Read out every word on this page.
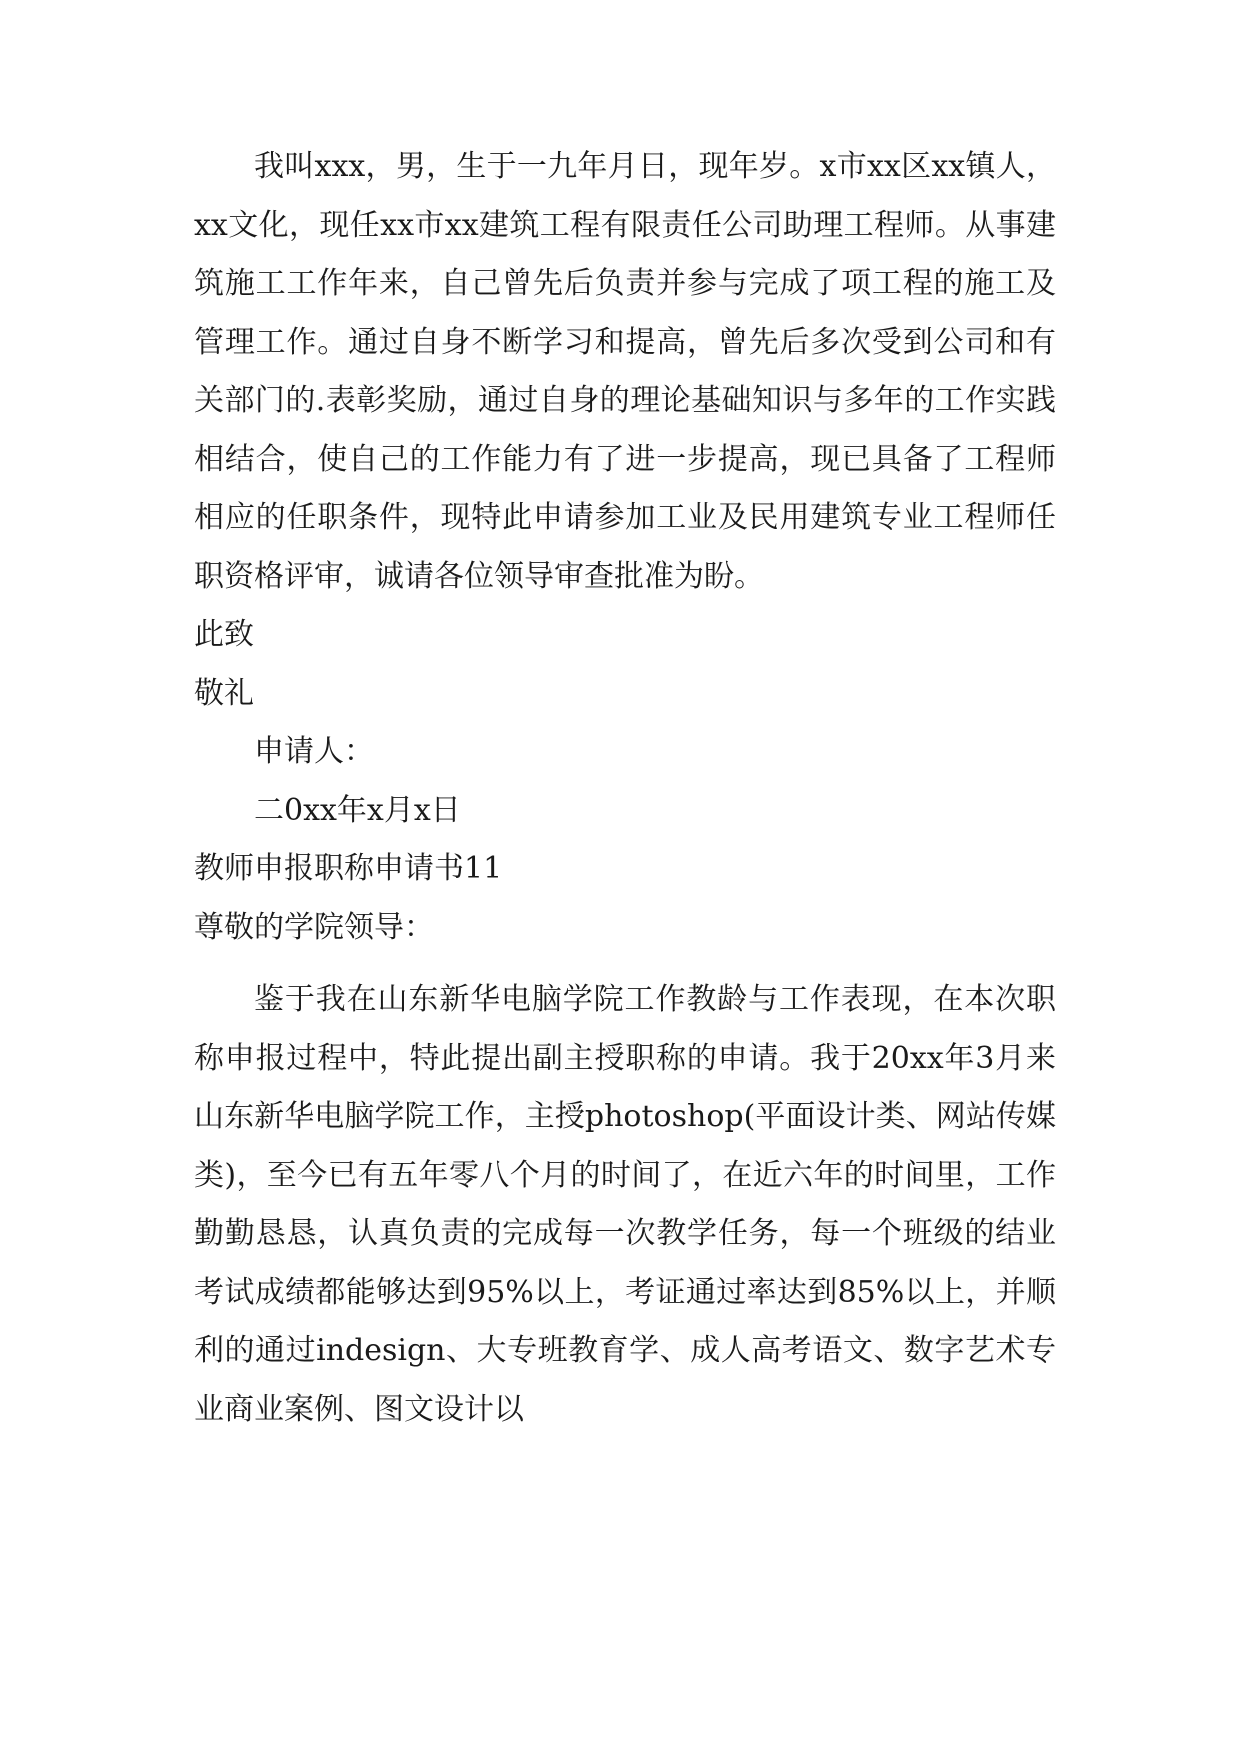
我叫xxx，男，生于一九年月日，现年岁。x市xx区xx镇人，xx文化，现任xx市xx建筑工程有限责任公司助理工程师。从事建筑施工工作年来，自己曾先后负责并参与完成了项工程的施工及管理工作。通过自身不断学习和提高，曾先后多次受到公司和有关部门的.表彰奖励，通过自身的理论基础知识与多年的工作实践相结合，使自己的工作能力有了进一步提高，现已具备了工程师相应的任职条件，现特此申请参加工业及民用建筑专业工程师任职资格评审，诚请各位领导审查批准为盼。

此致

敬礼

申请人：

二0xx年x月x日

教师申报职称申请书11

尊敬的学院领导：

鉴于我在山东新华电脑学院工作教龄与工作表现，在本次职称申报过程中，特此提出副主授职称的申请。我于20xx年3月来山东新华电脑学院工作，主授photoshop(平面设计类、网站传媒类)，至今已有五年零八个月的时间了，在近六年的时间里，工作勤勤恳恳，认真负责的完成每一次教学任务，每一个班级的结业考试成绩都能够达到95%以上，考证通过率达到85%以上，并顺利的通过indesign、大专班教育学、成人高考语文、数字艺术专业商业案例、图文设计以
